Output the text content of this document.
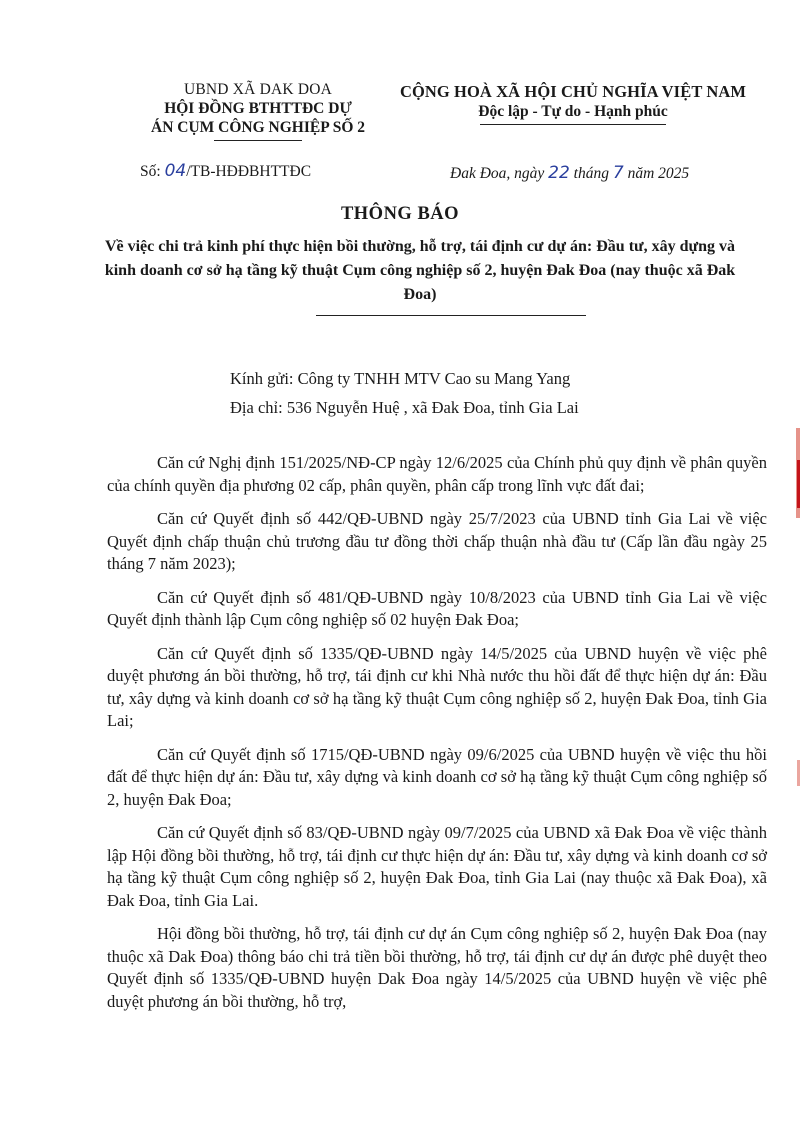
UBND XÃ DAK DOA
HỘI ĐỒNG BTHTTĐC DỰ
ÁN CỤM CÔNG NGHIỆP SỐ 2
CỘNG HOÀ XÃ HỘI CHỦ NGHĨA VIỆT NAM
Độc lập - Tự do - Hạnh phúc
Số: 04/TB-HĐĐBHTTĐC	Đak Đoa, ngày 22 tháng 7 năm 2025
THÔNG BÁO
Về việc chi trả kinh phí thực hiện bồi thường, hỗ trợ, tái định cư dự án: Đầu tư, xây dựng và kinh doanh cơ sở hạ tầng kỹ thuật Cụm công nghiệp số 2, huyện Đak Đoa (nay thuộc xã Đak Đoa)
Kính gửi: Công ty TNHH MTV Cao su Mang Yang
Địa chỉ: 536 Nguyễn Huệ , xã Đak Đoa, tỉnh Gia Lai

Căn cứ Nghị định 151/2025/NĐ-CP ngày 12/6/2025 của Chính phủ quy định về phân quyền của chính quyền địa phương 02 cấp, phân quyền, phân cấp trong lĩnh vực đất đai;

Căn cứ Quyết định số 442/QĐ-UBND ngày 25/7/2023 của UBND tỉnh Gia Lai về việc Quyết định chấp thuận chủ trương đầu tư đồng thời chấp thuận nhà đầu tư (Cấp lần đầu ngày 25 tháng 7 năm 2023);

Căn cứ Quyết định số 481/QĐ-UBND ngày 10/8/2023 của UBND tỉnh Gia Lai về việc Quyết định thành lập Cụm công nghiệp số 02 huyện Đak Đoa;

Căn cứ Quyết định số 1335/QĐ-UBND ngày 14/5/2025 của UBND huyện về việc phê duyệt phương án bồi thường, hỗ trợ, tái định cư khi Nhà nước thu hồi đất để thực hiện dự án: Đầu tư, xây dựng và kinh doanh cơ sở hạ tầng kỹ thuật Cụm công nghiệp số 2, huyện Đak Đoa, tỉnh Gia Lai;

Căn cứ Quyết định số 1715/QĐ-UBND ngày 09/6/2025 của UBND huyện về việc thu hồi đất để thực hiện dự án: Đầu tư, xây dựng và kinh doanh cơ sở hạ tầng kỹ thuật Cụm công nghiệp số 2, huyện Đak Đoa;

Căn cứ Quyết định số 83/QĐ-UBND ngày 09/7/2025 của UBND xã Đak Đoa về việc thành lập Hội đồng bồi thường, hỗ trợ, tái định cư thực hiện dự án: Đầu tư, xây dựng và kinh doanh cơ sở hạ tầng kỹ thuật Cụm công nghiệp số 2, huyện Đak Đoa, tỉnh Gia Lai (nay thuộc xã Đak Đoa), xã Đak Đoa, tỉnh Gia Lai.

Hội đồng bồi thường, hỗ trợ, tái định cư dự án Cụm công nghiệp số 2, huyện Đak Đoa (nay thuộc xã Dak Đoa) thông báo chi trả tiền bồi thường, hỗ trợ, tái định cư dự án được phê duyệt theo Quyết định số 1335/QĐ-UBND huyện Dak Đoa ngày 14/5/2025 của UBND huyện về việc phê duyệt phương án bồi thường, hỗ trợ,
